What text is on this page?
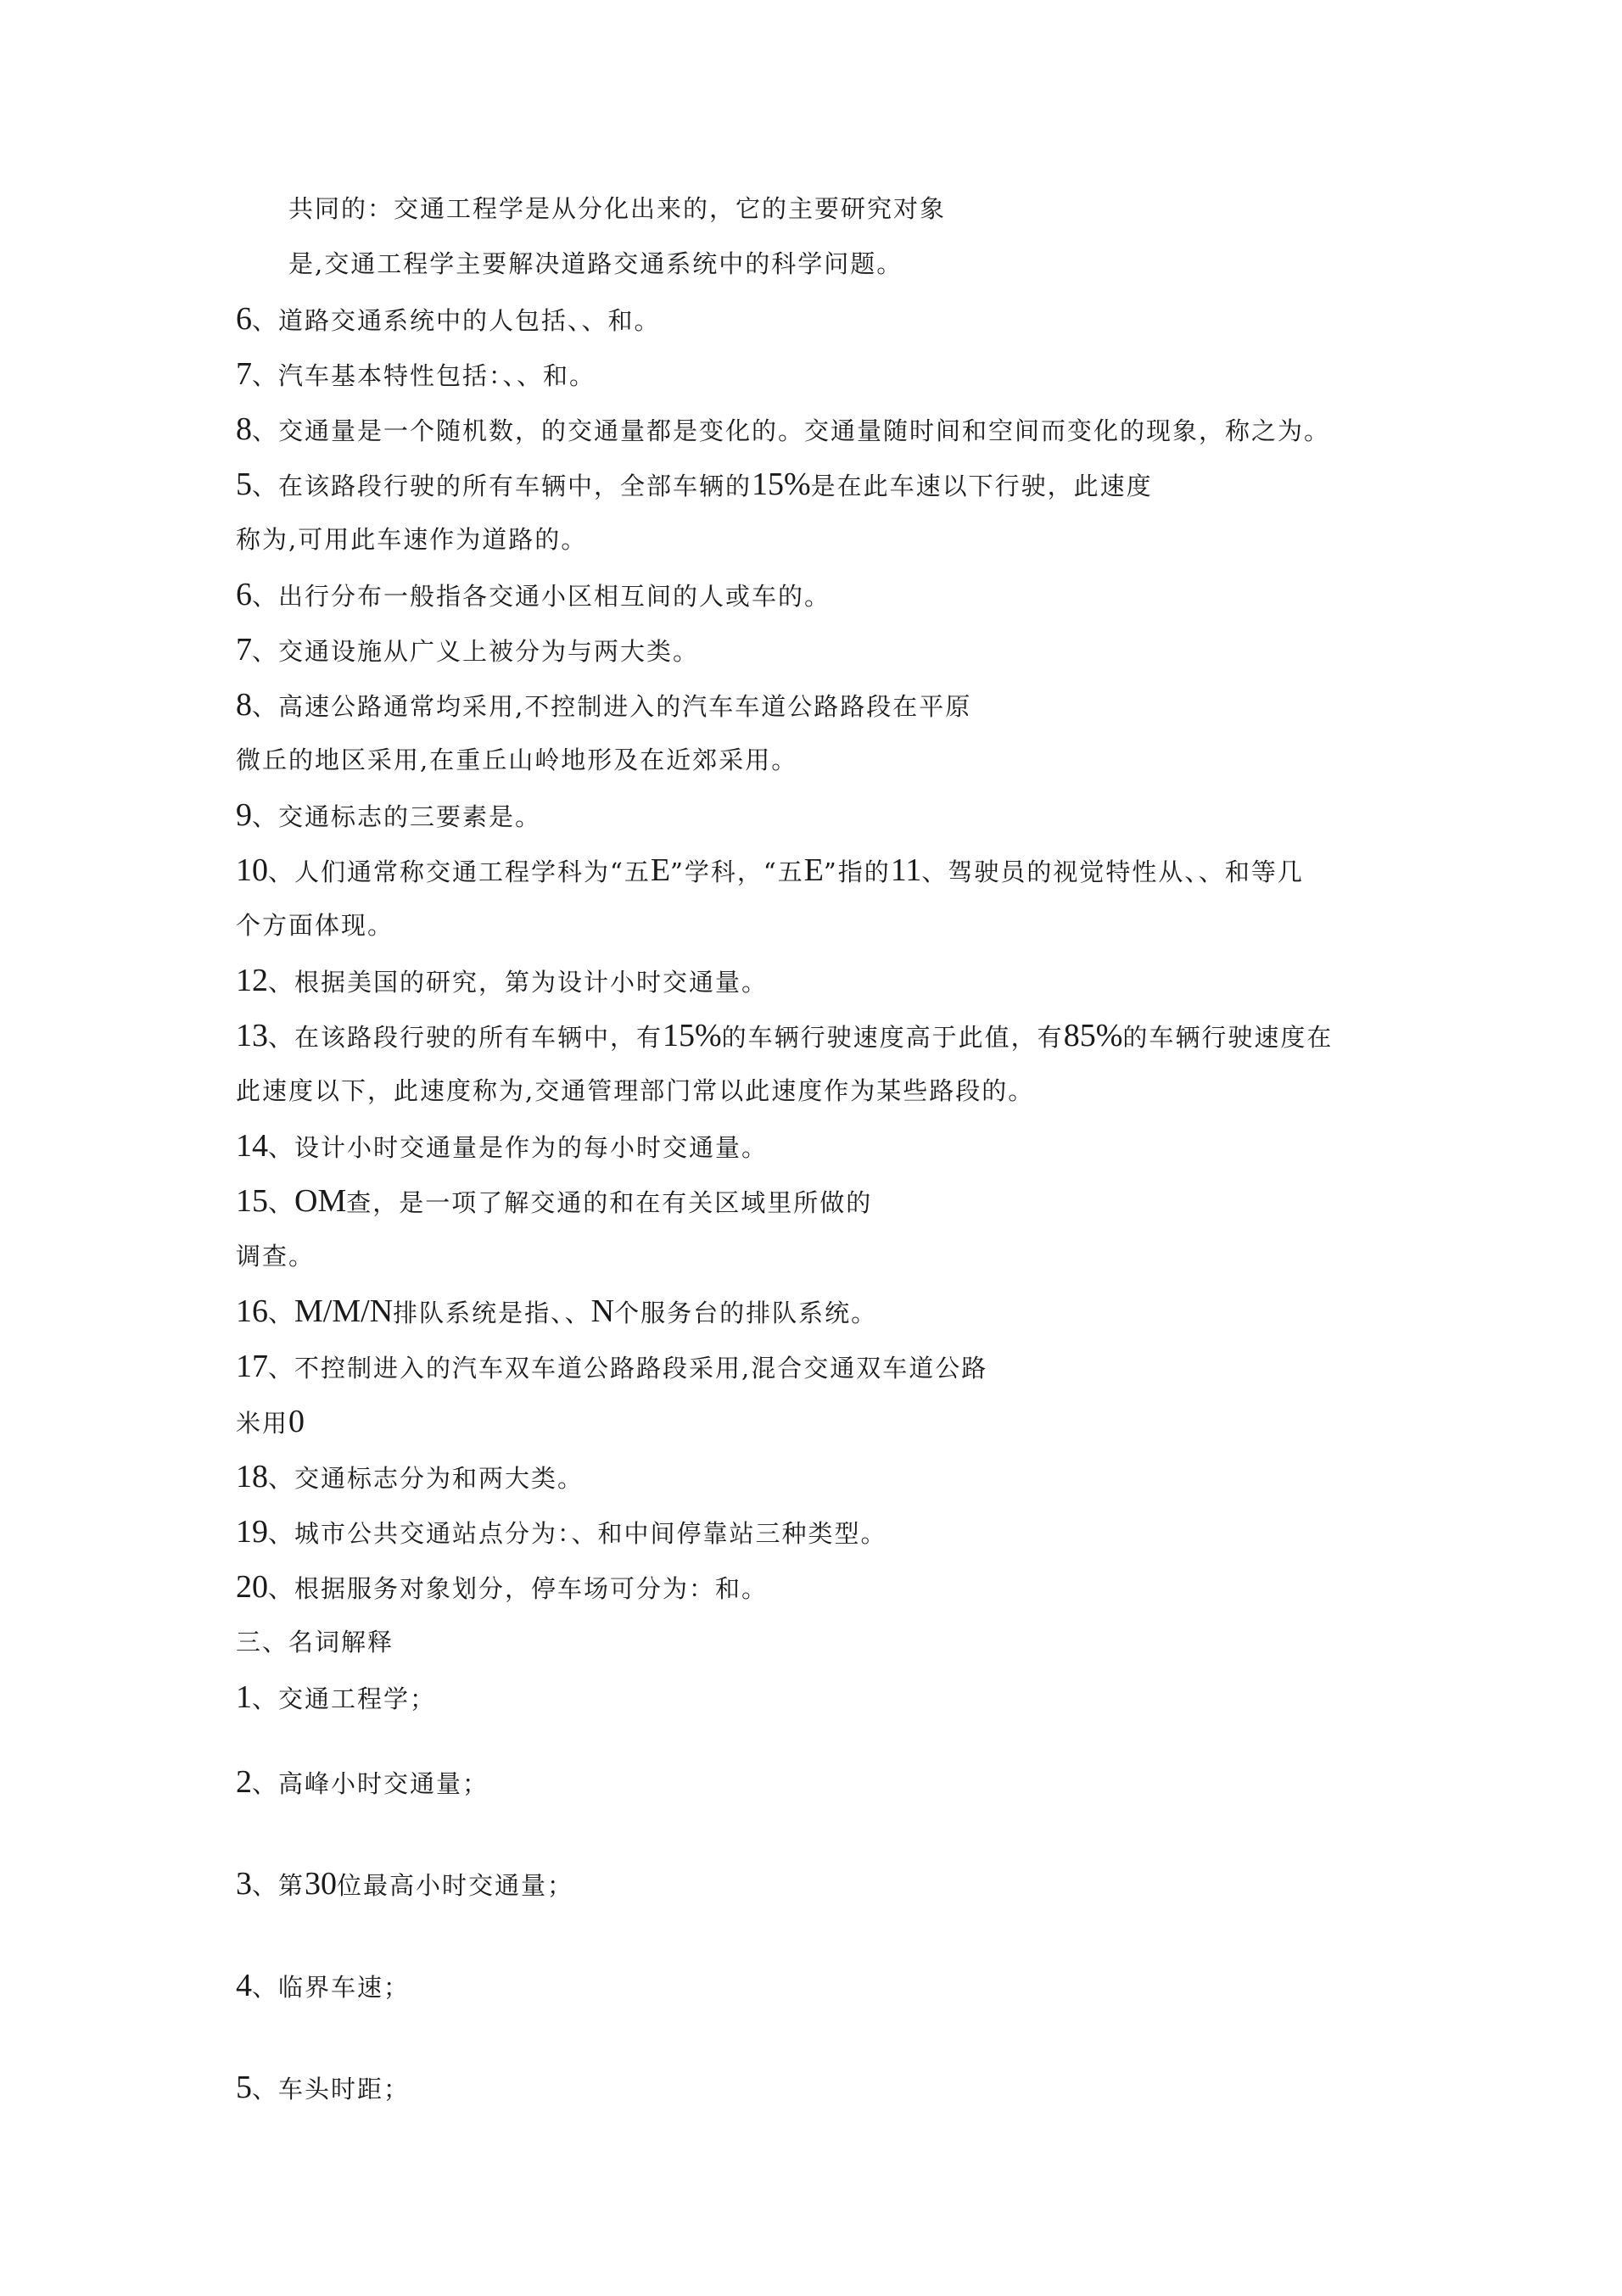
共同的：交通工程学是从分化出来的，它的主要研究对象
是,交通工程学主要解决道路交通系统中的科学问题。
6、道路交通系统中的人包括、、和。
7、汽车基本特性包括：、、和。
8、交通量是一个随机数，的交通量都是变化的。交通量随时间和空间而变化的现象，称之为。
5、在该路段行驶的所有车辆中，全部车辆的15%是在此车速以下行驶，此速度
称为,可用此车速作为道路的。
6、出行分布一般指各交通小区相互间的人或车的。
7、交通设施从广义上被分为与两大类。
8、高速公路通常均采用,不控制进入的汽车车道公路路段在平原
微丘的地区采用,在重丘山岭地形及在近郊采用。
9、交通标志的三要素是。
10、人们通常称交通工程学科为“五E”学科，“五E”指的11、驾驶员的视觉特性从、、和等几
个方面体现。
12、根据美国的研究，第为设计小时交通量。
13、在该路段行驶的所有车辆中，有15%的车辆行驶速度高于此值，有85%的车辆行驶速度在
此速度以下，此速度称为,交通管理部门常以此速度作为某些路段的。
14、设计小时交通量是作为的每小时交通量。
15、OM查，是一项了解交通的和在有关区域里所做的
调查。
16、M/M/N排队系统是指、、N个服务台的排队系统。
17、不控制进入的汽车双车道公路路段采用,混合交通双车道公路
米用0
18、交通标志分为和两大类。
19、城市公共交通站点分为：、和中间停靠站三种类型。
20、根据服务对象划分，停车场可分为：和。
三、名词解释
1、交通工程学；
2、高峰小时交通量；
3、第30位最高小时交通量；
4、临界车速；
5、车头时距；
